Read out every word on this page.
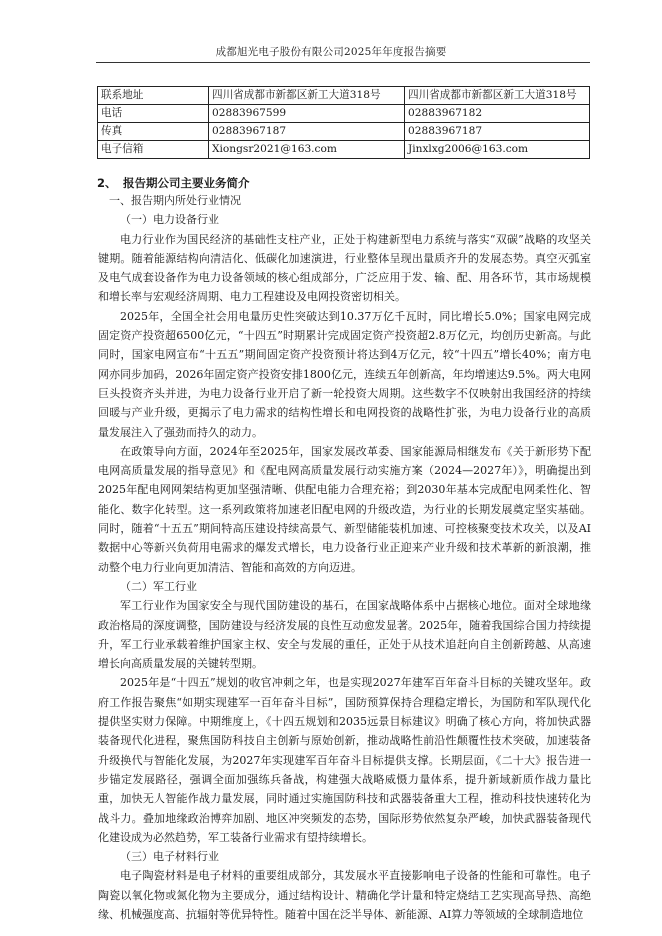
成都旭光电子股份有限公司2025年年度报告摘要
联系地址	四川省成都市新都区新工大道318号	四川省成都市新都区新工大道318号
电话	02883967599	02883967182
传真	02883967187	02883967187
电子信箱	Xiongsr2021@163.com	Jinxlxg2006@163.com
2、 报告期公司主要业务简介

一、报告期内所处行业情况

（一）电力设备行业

电力行业作为国民经济的基础性支柱产业，正处于构建新型电力系统与落实“双碳”战略的攻坚关键期。随着能源结构向清洁化、低碳化加速演进，行业整体呈现出量质齐升的发展态势。真空灭弧室及电气成套设备作为电力设备领域的核心组成部分，广泛应用于发、输、配、用各环节，其市场规模和增长率与宏观经济周期、电力工程建设及电网投资密切相关。

2025年，全国全社会用电量历史性突破达到10.37万亿千瓦时，同比增长5.0%；国家电网完成固定资产投资超6500亿元，“十四五”时期累计完成固定资产投资超2.8万亿元，均创历史新高。与此同时，国家电网宣布“十五五”期间固定资产投资预计将达到4万亿元，较“十四五”增长40%；南方电网亦同步加码，2026年固定资产投资安排1800亿元，连续五年创新高，年均增速达9.5%。两大电网巨头投资齐头并进，为电力设备行业开启了新一轮投资大周期。这些数字不仅映射出我国经济的持续回暖与产业升级，更揭示了电力需求的结构性增长和电网投资的战略性扩张，为电力设备行业的高质量发展注入了强劲而持久的动力。

在政策导向方面，2024年至2025年，国家发展改革委、国家能源局相继发布《关于新形势下配电网高质量发展的指导意见》和《配电网高质量发展行动实施方案（2024—2027年）》，明确提出到2025年配电网网架结构更加坚强清晰、供配电能力合理充裕；到2030年基本完成配电网柔性化、智能化、数字化转型。这一系列政策将加速老旧配电网的升级改造，为行业的长期发展奠定坚实基础。同时，随着“十五五”期间特高压建设持续高景气、新型储能装机加速、可控核聚变技术攻关，以及AI数据中心等新兴负荷用电需求的爆发式增长，电力设备行业正迎来产业升级和技术革新的新浪潮，推动整个电力行业向更加清洁、智能和高效的方向迈进。

（二）军工行业

军工行业作为国家安全与现代国防建设的基石，在国家战略体系中占据核心地位。面对全球地缘政治格局的深度调整，国防建设与经济发展的良性互动愈发显著。2025年，随着我国综合国力持续提升，军工行业承载着维护国家主权、安全与发展的重任，正处于从技术追赶向自主创新跨越、从高速增长向高质量发展的关键转型期。

2025年是“十四五”规划的收官冲刺之年，也是实现2027年建军百年奋斗目标的关键攻坚年。政府工作报告聚焦“如期实现建军一百年奋斗目标”，国防预算保持合理稳定增长，为国防和军队现代化提供坚实财力保障。中期维度上，《十四五规划和2035远景目标建议》明确了核心方向，将加快武器装备现代化进程，聚焦国防科技自主创新与原始创新，推动战略性前沿性颠覆性技术突破，加速装备升级换代与智能化发展，为2027年实现建军百年奋斗目标提供支撑。长期层面，《二十大》报告进一步锚定发展路径，强调全面加强练兵备战，构建强大战略威慑力量体系，提升新域新质作战力量比重，加快无人智能作战力量发展，同时通过实施国防科技和武器装备重大工程，推动科技快速转化为战斗力。叠加地缘政治博弈加剧、地区冲突频发的态势，国际形势依然复杂严峻，加快武器装备现代化建设成为必然趋势，军工装备行业需求有望持续增长。

（三）电子材料行业

电子陶瓷材料是电子材料的重要组成部分，其发展水平直接影响电子设备的性能和可靠性。电子陶瓷以氧化物或氮化物为主要成分，通过结构设计、精确化学计量和特定烧结工艺实现高导热、高绝缘、机械强度高、抗辐射等优异特性。随着中国在泛半导体、新能源、AI算力等领域的全球制造地位
